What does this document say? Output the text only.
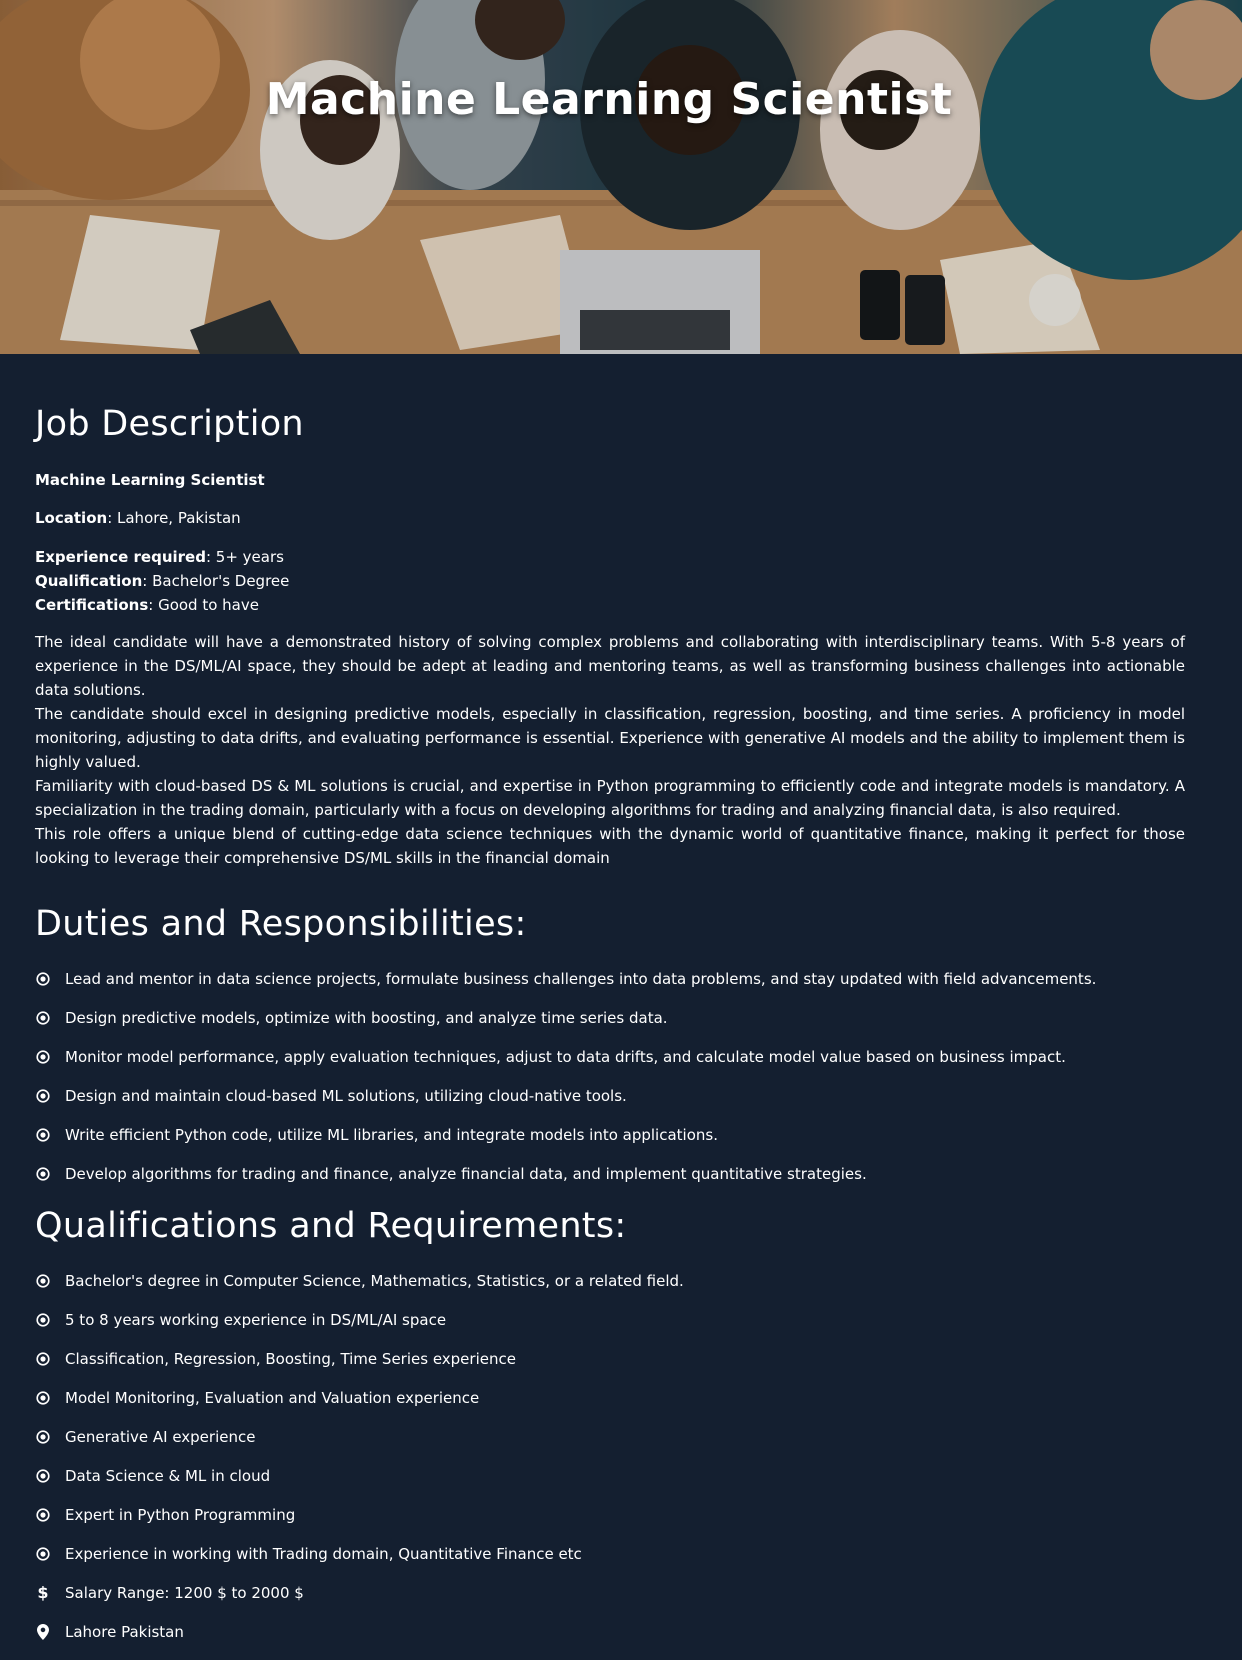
Machine Learning Scientist
Job Description

Machine Learning Scientist

Location: Lahore, Pakistan

Experience required: 5+ years

Qualification: Bachelor's Degree

Certifications: Good to have

The ideal candidate will have a demonstrated history of solving complex problems and collaborating with interdisciplinary teams. With 5-8 years of experience in the DS/ML/AI space, they should be adept at leading and mentoring teams, as well as transforming business challenges into actionable data solutions.
The candidate should excel in designing predictive models, especially in classification, regression, boosting, and time series. A proficiency in model monitoring, adjusting to data drifts, and evaluating performance is essential. Experience with generative AI models and the ability to implement them is highly valued.
Familiarity with cloud-based DS & ML solutions is crucial, and expertise in Python programming to efficiently code and integrate models is mandatory. A specialization in the trading domain, particularly with a focus on developing algorithms for trading and analyzing financial data, is also required.
This role offers a unique blend of cutting-edge data science techniques with the dynamic world of quantitative finance, making it perfect for those looking to leverage their comprehensive DS/ML skills in the financial domain
Duties and Responsibilities:
Lead and mentor in data science projects, formulate business challenges into data problems, and stay updated with field advancements.
Design predictive models, optimize with boosting, and analyze time series data.
Monitor model performance, apply evaluation techniques, adjust to data drifts, and calculate model value based on business impact.
Design and maintain cloud-based ML solutions, utilizing cloud-native tools.
Write efficient Python code, utilize ML libraries, and integrate models into applications.
Develop algorithms for trading and finance, analyze financial data, and implement quantitative strategies.
Qualifications and Requirements:
Bachelor's degree in Computer Science, Mathematics, Statistics, or a related field.
5 to 8 years working experience in DS/ML/AI space
Classification, Regression, Boosting, Time Series experience
Model Monitoring, Evaluation and Valuation experience
Generative AI experience
Data Science & ML in cloud
Expert in Python Programming
Experience in working with Trading domain, Quantitative Finance etc
$ Salary Range: 1200 $ to 2000 $
Lahore Pakistan
